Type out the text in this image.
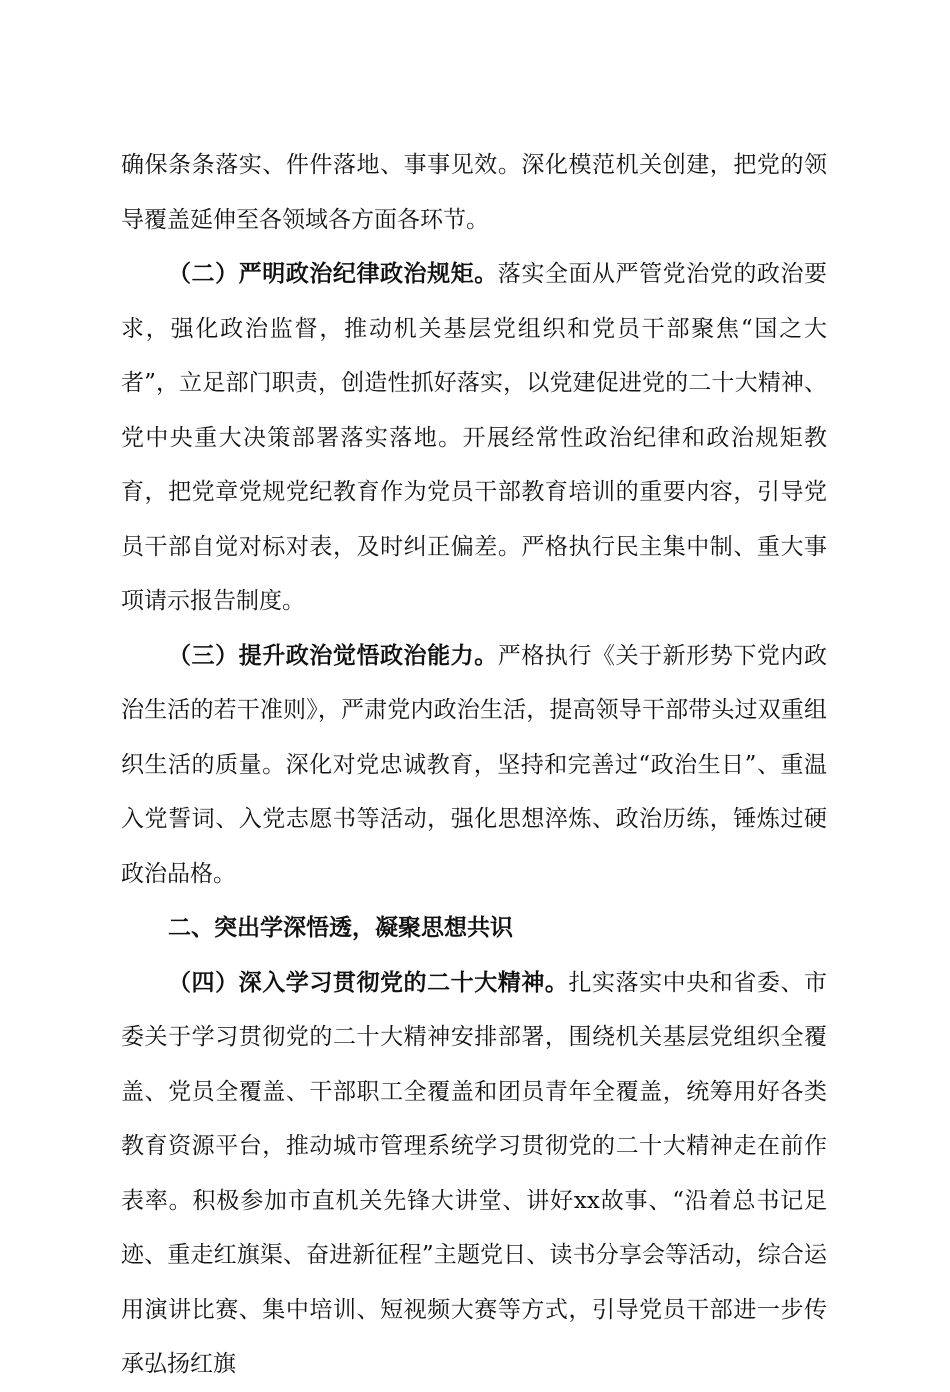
确保条条落实、件件落地、事事见效。深化模范机关创建，把党的领导覆盖延伸至各领域各方面各环节。

（二）严明政治纪律政治规矩。落实全面从严管党治党的政治要求，强化政治监督，推动机关基层党组织和党员干部聚焦“国之大者”，立足部门职责，创造性抓好落实，以党建促进党的二十大精神、党中央重大决策部署落实落地。开展经常性政治纪律和政治规矩教育，把党章党规党纪教育作为党员干部教育培训的重要内容，引导党员干部自觉对标对表，及时纠正偏差。严格执行民主集中制、重大事项请示报告制度。

（三）提升政治觉悟政治能力。严格执行《关于新形势下党内政治生活的若干准则》，严肃党内政治生活，提高领导干部带头过双重组织生活的质量。深化对党忠诚教育，坚持和完善过“政治生日”、重温入党誓词、入党志愿书等活动，强化思想淬炼、政治历练，锤炼过硬政治品格。

二、突出学深悟透，凝聚思想共识

（四）深入学习贯彻党的二十大精神。扎实落实中央和省委、市委关于学习贯彻党的二十大精神安排部署，围绕机关基层党组织全覆盖、党员全覆盖、干部职工全覆盖和团员青年全覆盖，统筹用好各类教育资源平台，推动城市管理系统学习贯彻党的二十大精神走在前作表率。积极参加市直机关先锋大讲堂、讲好xx故事、“沿着总书记足迹、重走红旗渠、奋进新征程”主题党日、读书分享会等活动，综合运用演讲比赛、集中培训、短视频大赛等方式，引导党员干部进一步传承弘扬红旗
